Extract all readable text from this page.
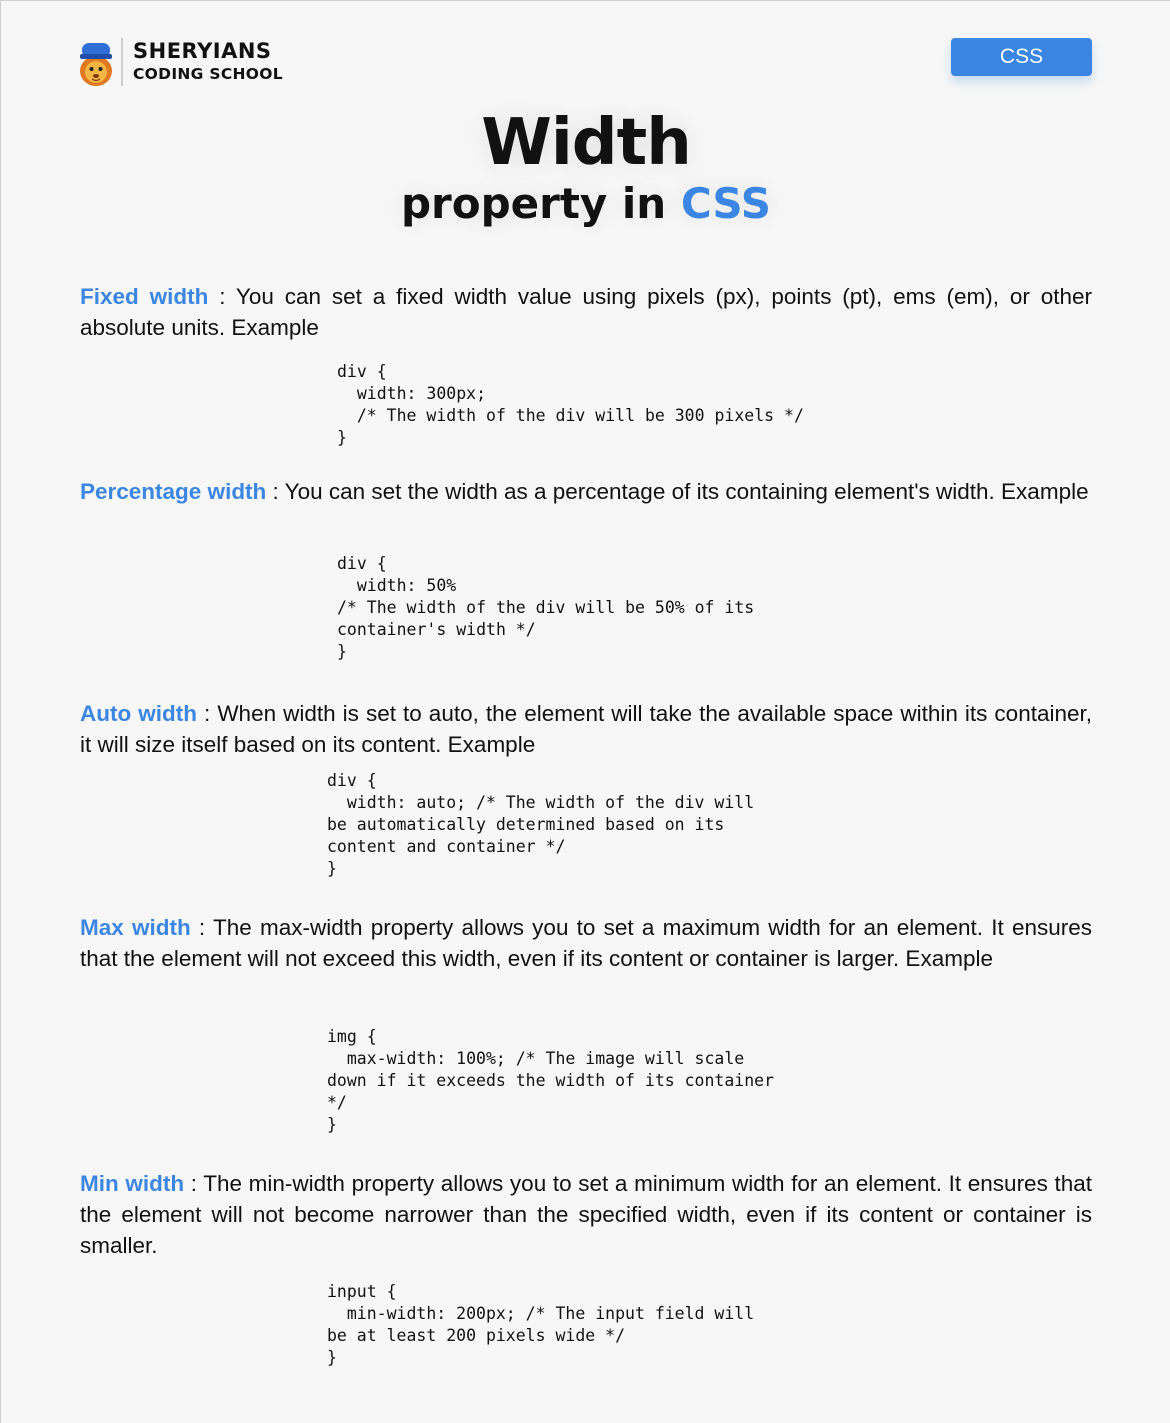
SHERYIANS
CODING SCHOOL
CSS
Width
property in CSS
Fixed width : You can set a fixed width value using pixels (px), points (pt), ems (em), or other absolute units. Example
div {
width: 300px;
/* The width of the div will be 300 pixels */
}
Percentage width : You can set the width as a percentage of its containing element's width. Example
div {
width: 50%
/* The width of the div will be 50% of its
container's width */
}
Auto width : When width is set to auto, the element will take the available space within its container, it will size itself based on its content. Example
div {
width: auto; /* The width of the div will
be automatically determined based on its
content and container */
}
Max width : The max-width property allows you to set a maximum width for an element. It ensures that the element will not exceed this width, even if its content or container is larger. Example
img {
max-width: 100%; /* The image will scale
down if it exceeds the width of its container
*/
}
Min width : The min-width property allows you to set a minimum width for an element. It ensures that the element will not become narrower than the specified width, even if its content or container is smaller.
input {
min-width: 200px; /* The input field will
be at least 200 pixels wide */
}
